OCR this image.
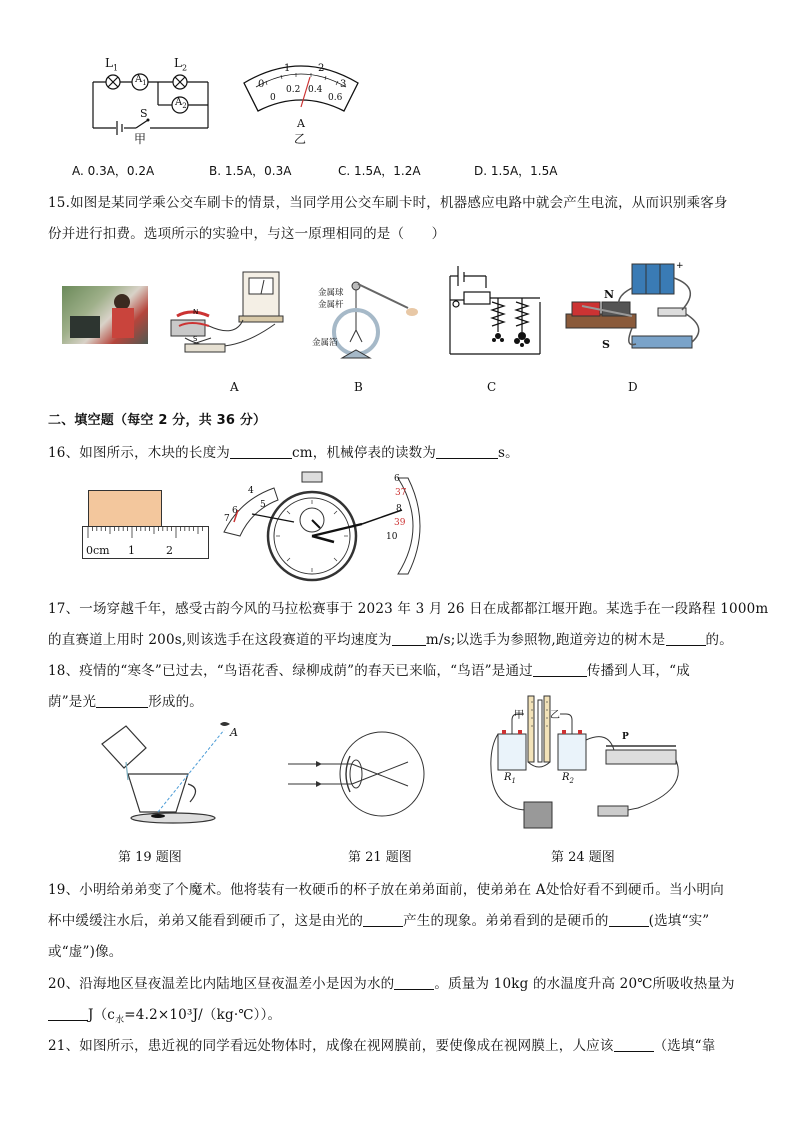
$L_1$	$L_2$
$A_1$
$A_2$
S
甲
0
1	2
3
0
0.2 0.4
0.6
A
乙
A. 0.3A，0.2A	B. 1.5A，0.3A	C. 1.5A，1.2A	D. 1.5A，1.5A
15.如图是某同学乘公交车刷卡的情景，当同学用公交车刷卡时，机器感应电路中就会产生电流，从而识别乘客身
份并进行扣费。选项所示的实验中，与这一原理相同的是（　　）
N
S
金属球
金属杆
金属箔
+
N
S
A	B	C	D
二、填空题（每空 2 分，共 36 分）
16、如图所示，木块的长度为	cm，机械停表的读数为	s。
0cm 1	2
4
5
6
7
6
37
8
39
10
17、一场穿越千年，感受古韵今风的马拉松赛事于 2023 年 3 月 26 日在成都都江堰开跑。某选手在一段路程 1000m
的直赛道上用时 200s,则该选手在这段赛道的平均速度为	m/s;以选手为参照物,跑道旁边的树木是	的。
18、疫情的“寒冬”已过去，“鸟语花香、绿柳成荫”的春天已来临，“鸟语”是通过	传播到人耳，“成
荫”是光	形成的。
A
甲	乙
$R_1$	$R_2$
P
第 19 题图	第 21 题图	第 24 题图
19、小明给弟弟变了个魔术。他将装有一枚硬币的杯子放在弟弟面前，使弟弟在 A处恰好看不到硬币。当小明向
杯中缓缓注水后，弟弟又能看到硬币了，这是由光的	产生的现象。弟弟看到的是硬币的	(选填“实”
或“虚”)像。
20、沿海地区昼夜温差比内陆地区昼夜温差小是因为水的	。质量为 10kg 的水温度升高 20℃所吸收热量为
$J(c_水=4.2\times 10^3J/(kg\cdot℃))$。
21、如图所示，患近视的同学看远处物体时，成像在视网膜前，要使像成在视网膜上，人应该	（选填“靠
